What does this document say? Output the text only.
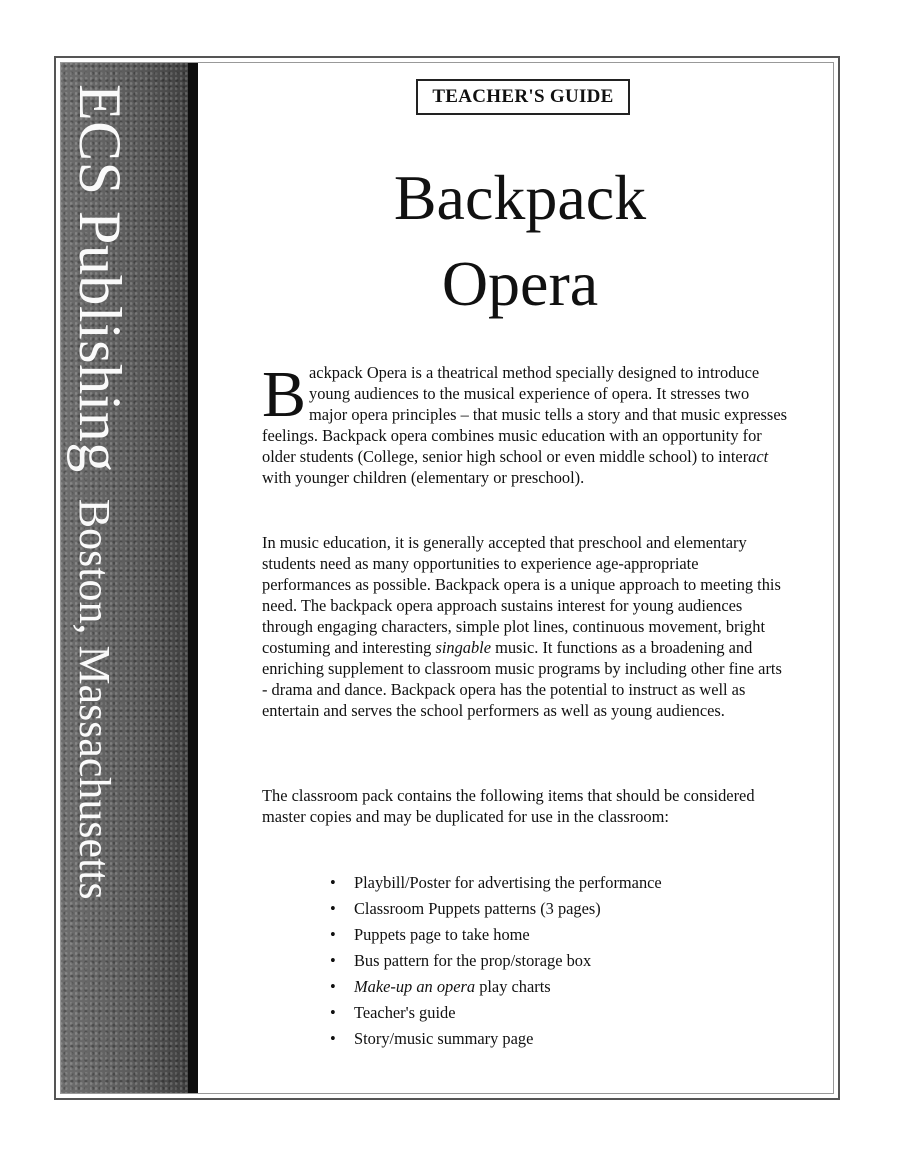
ECS PublishingBoston, Massachusetts
TEACHER'S GUIDE
Backpack
Opera

Backpack Opera is a theatrical method specially designed to introduce young audiences to the musical experience of opera. It stresses two major opera principles – that music tells a story and that music expresses feelings. Backpack opera combines music education with an opportunity for older students (College, senior high school or even middle school) to interact with younger children (elementary or preschool).

In music education, it is generally accepted that preschool and elementary students need as many opportunities to experience age-appropriate performances as possible. Backpack opera is a unique approach to meeting this need. The backpack opera approach sustains interest for young audiences through engaging characters, simple plot lines, continuous movement, bright costuming and interesting singable music. It functions as a broadening and enriching supplement to classroom music programs by including other fine arts - drama and dance. Backpack opera has the potential to instruct as well as entertain and serves the school performers as well as young audiences.

The classroom pack contains the following items that should be considered master copies and may be duplicated for use in the classroom:

• Playbill/Poster for advertising the performance
• Classroom Puppets patterns (3 pages)
• Puppets page to take home
• Bus pattern for the prop/storage box
• Make-up an opera play charts
• Teacher's guide
• Story/music summary page
